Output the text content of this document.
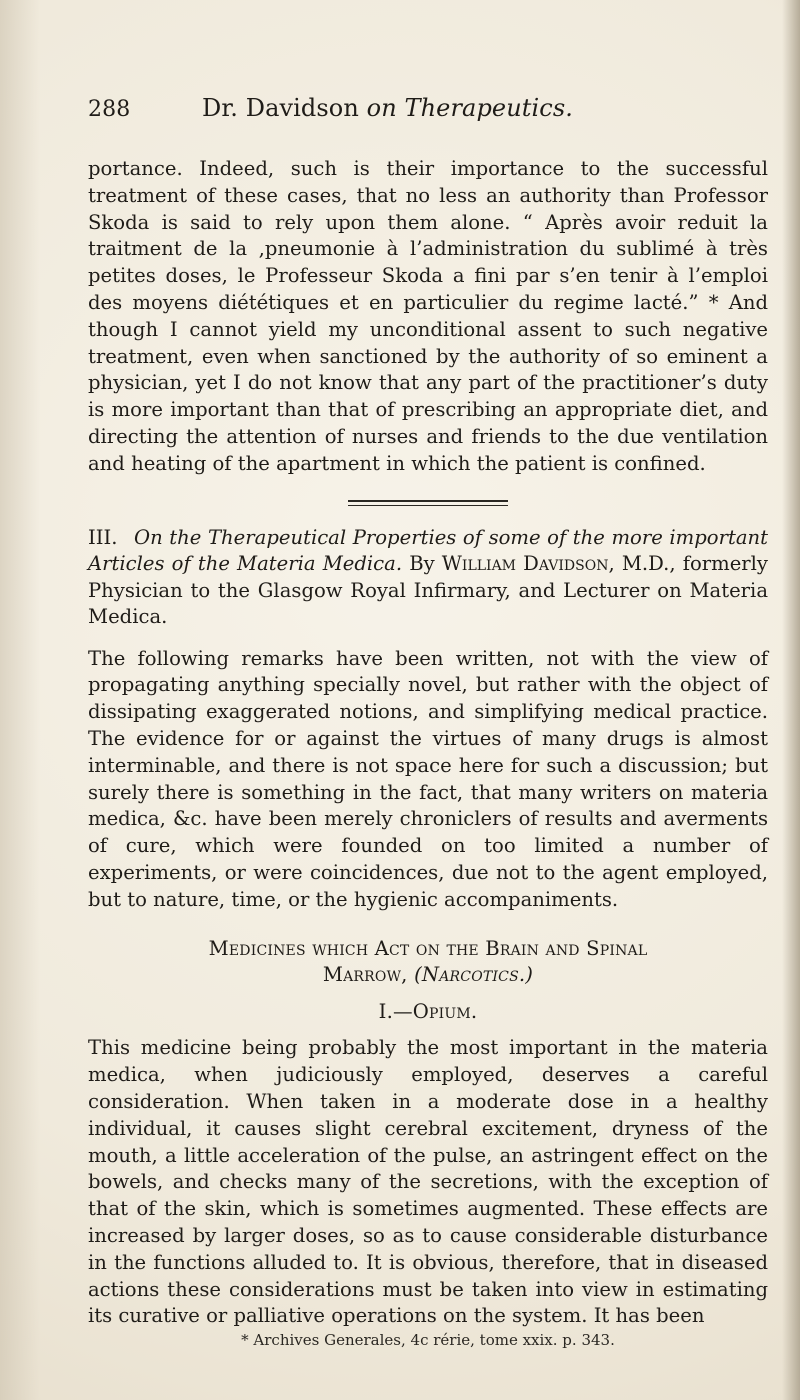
288	Dr. Davidson on Therapeutics.

portance. Indeed, such is their importance to the successful treatment of these cases, that no less an authority than Professor Skoda is said to rely upon them alone. “ Après avoir reduit la traitment de la ,pneumonie à l’administration du sublimé à très petites doses, le Professeur Skoda a fini par s’en tenir à l’emploi des moyens diététiques et en particulier du regime lacté.” * And though I cannot yield my unconditional assent to such negative treatment, even when sanctioned by the authority of so eminent a physician, yet I do not know that any part of the practitioner’s duty is more important than that of prescribing an appropriate diet, and directing the attention of nurses and friends to the due ventilation and heating of the apartment in which the patient is confined.

III. On the Therapeutical Properties of some of the more important Articles of the Materia Medica. By William Davidson, M.D., formerly Physician to the Glasgow Royal Infirmary, and Lecturer on Materia Medica.

The following remarks have been written, not with the view of propagating anything specially novel, but rather with the object of dissipating exaggerated notions, and simplifying medical practice. The evidence for or against the virtues of many drugs is almost interminable, and there is not space here for such a discussion; but surely there is something in the fact, that many writers on materia medica, &c. have been merely chroniclers of results and averments of cure, which were founded on too limited a number of experiments, or were coincidences, due not to the agent employed, but to nature, time, or the hygienic accompaniments.

Medicines which Act on the Brain and Spinal
Marrow, (Narcotics.)
I.—Opium.

This medicine being probably the most important in the materia medica, when judiciously employed, deserves a careful consideration. When taken in a moderate dose in a healthy individual, it causes slight cerebral excitement, dryness of the mouth, a little acceleration of the pulse, an astringent effect on the bowels, and checks many of the secretions, with the exception of that of the skin, which is sometimes augmented. These effects are increased by larger doses, so as to cause considerable disturbance in the functions alluded to. It is obvious, therefore, that in diseased actions these considerations must be taken into view in estimating its curative or palliative operations on the system. It has been

* Archives Generales, 4c rérie, tome xxix. p. 343.
